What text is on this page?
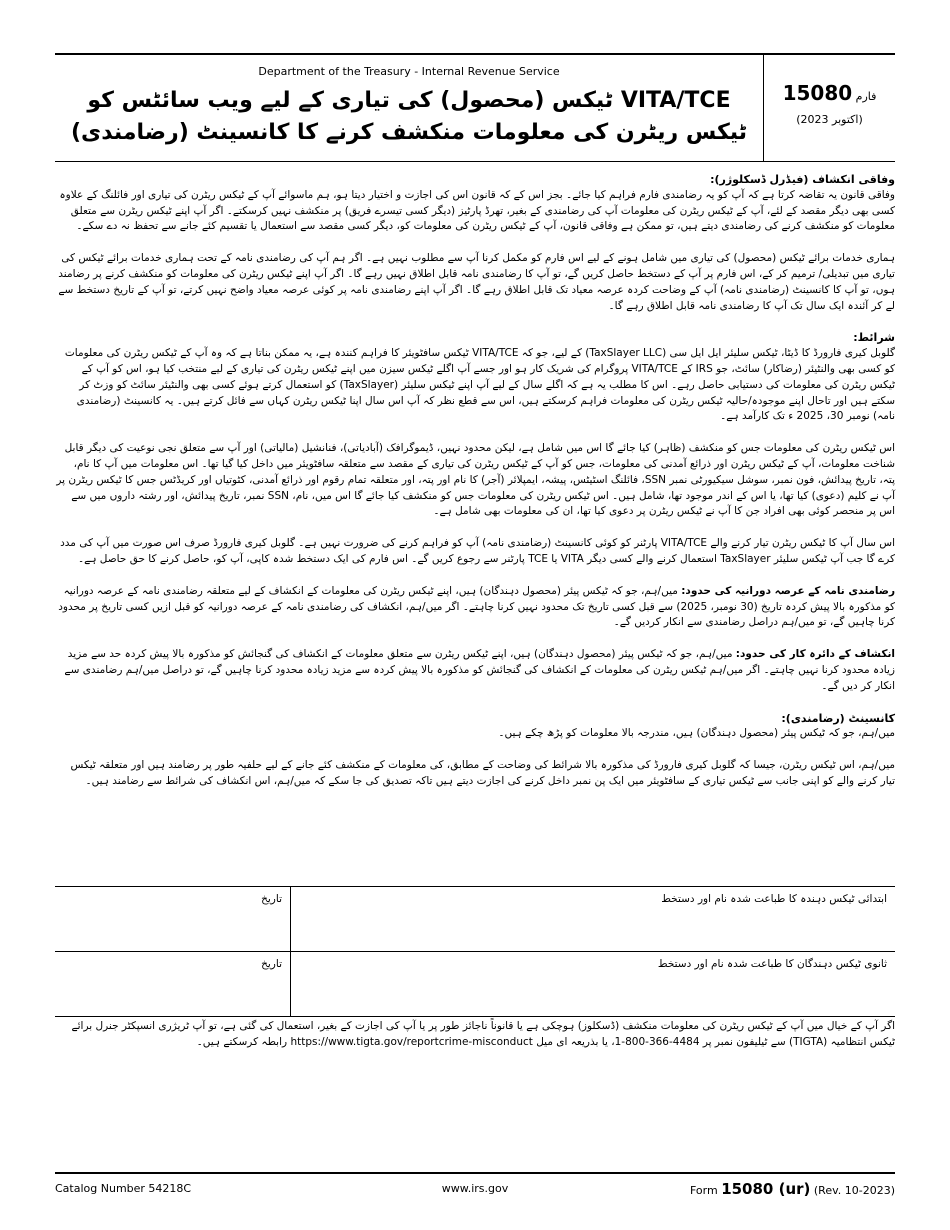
Department of the Treasury - Internal Revenue Service
VITA/TCE ٹیکس (محصول) کی تیاری کے لیے ویب سائٹس کو ٹیکس ریٹرن کی معلومات منکشف کرنے کا کانسینٹ (رضامندی)
15080 فارم
(اکتوبر 2023)
وفاقی انکشاف (فیڈرل ڈسکلوژر):

وفاقی قانون یہ تقاضہ کرتا ہے کہ آپ کو یہ رضامندی فارم فراہم کیا جائے۔ بجز اس کے کہ قانون اس کی اجازت و اختیار دیتا ہو، ہم ماسوائے آپ کے ٹیکس ریٹرن کی تیاری اور فائلنگ کے علاوہ کسی بھی دیگر مقصد کے لئے، آپ کے ٹیکس ریٹرن کی معلومات آپ کی رضامندی کے بغیر، تھرڈ پارٹیز (دیگر کسی تیسرے فریق) پر منکشف نہیں کرسکتے۔ اگر آپ اپنے ٹیکس ریٹرن سے متعلق معلومات کو منکشف کرنے کی رضامندی دیتے ہیں، تو ممکن ہے وفاقی قانون، آپ کے ٹیکس ریٹرن کی معلومات کو، دیگر کسی مقصد سے استعمال یا تقسیم کئے جانے سے تحفظ نہ دے سکے۔

ہماری خدمات برائے ٹیکس (محصول) کی تیاری میں شامل ہونے کے لیے اس فارم کو مکمل کرنا آپ سے مطلوب نہیں ہے۔ اگر ہم آپ کی رضامندی نامہ کے تحت ہماری خدمات برائے ٹیکس کی تیاری میں تبدیلی/ ترمیم کر کے، اس فارم پر آپ کے دستخط حاصل کریں گے، تو آپ کا رضامندی نامہ قابل اطلاق نہیں رہے گا۔ اگر آپ اپنے ٹیکس ریٹرن کی معلومات کو منکشف کرنے پر رضامند ہوں، تو آپ کا کانسینٹ (رضامندی نامہ) آپ کے وضاحت کردہ عرصہ معیاد تک قابل اطلاق رہے گا۔ اگر آپ اپنے رضامندی نامہ پر کوئی عرصہ معیاد واضح نہیں کرتے، تو آپ کے تاریخ دستخط سے لے کر آئندہ ایک سال تک آپ کا رضامندی نامہ قابل اطلاق رہے گا۔

شرائط:

گلوبل کیری فارورڈ کا ڈیٹا، ٹیکس سلیئر ایل ایل سی (TaxSlayer LLC) کے لیے، جو کہ VITA/TCE ٹیکس سافٹویئر کا فراہم کنندہ ہے، یہ ممکن بناتا ہے کہ وہ آپ کے ٹیکس ریٹرن کی معلومات کو کسی بھی والنٹیئر (رضاکار) سائٹ، جو IRS کے VITA/TCE پروگرام کی شریک کار ہو اور جسے آپ اگلے ٹیکس سیزن میں اپنے ٹیکس ریٹرن کی تیاری کے لیے منتخب کیا ہو، اس کو آپ کے ٹیکس ریٹرن کی معلومات کی دستیابی حاصل رہے۔ اس کا مطلب یہ ہے کہ اگلے سال کے لیے آپ اپنے ٹیکس سلیئر (TaxSlayer) کو استعمال کرتے ہوئے کسی بھی والنٹیئر سائٹ کو وزٹ کر سکتے ہیں اور تاحال اپنے موجودہ/حالیہ ٹیکس ریٹرن کی معلومات فراہم کرسکتے ہیں، اس سے قطع نظر کہ آپ اس سال اپنا ٹیکس ریٹرن کہاں سے فائل کرتے ہیں۔ یہ کانسینٹ (رضامندی نامہ) نومبر 30، 2025 ء تک کارآمد ہے۔

اس ٹیکس ریٹرن کی معلومات جس کو منکشف (ظاہر) کیا جائے گا اس میں شامل ہے، لیکن محدود نہیں، ڈیموگرافک (آبادیاتی)، فنانشیل (مالیاتی) اور آپ سے متعلق نجی نوعیت کی دیگر قابل شناخت معلومات، آپ کے ٹیکس ریٹرن اور ذرائع آمدنی کی معلومات، جس کو آپ کے ٹیکس ریٹرن کی تیاری کے مقصد سے متعلقہ سافٹویئر میں داخل کیا گیا تھا۔ اس معلومات میں آپ کا نام، پتہ، تاریخ پیدائش، فون نمبر، سوشل سیکیورٹی نمبر SSN، فائلنگ اسٹیٹس، پیشہ، ایمپلائر (آجر) کا نام اور پتہ، اور متعلقہ تمام رقوم اور ذرائع آمدنی، کٹوتیاں اور کریڈٹس جس کا ٹیکس ریٹرن پر آپ نے کلیم (دعوی) کیا تھا، یا اس کے اندر موجود تھا، شامل ہیں۔ اس ٹیکس ریٹرن کی معلومات جس کو منکشف کیا جائے گا اس میں، نام، SSN نمبر، تاریخ پیدائش، اور رشتہ داروں میں سے اس پر منحصر کوئی بھی افراد جن کا آپ نے ٹیکس ریٹرن پر دعوی کیا تھا، ان کی معلومات بھی شامل ہے۔

اس سال آپ کا ٹیکس ریٹرن تیار کرنے والے VITA/TCE پارٹنر کو کوئی کانسینٹ (رضامندی نامہ) آپ کو فراہم کرنے کی ضرورت نہیں ہے۔ گلوبل کیری فارورڈ صرف اس صورت میں آپ کی مدد کرے گا جب آپ ٹیکس سلیئر TaxSlayer استعمال کرنے والے کسی دیگر VITA یا TCE پارٹنر سے رجوع کریں گے۔ اس فارم کی ایک دستخط شدہ کاپی، آپ کو، حاصل کرنے کا حق حاصل ہے۔

رضامندی نامہ کے عرصہ دورانیہ کی حدود: میں/ہم، جو کہ ٹیکس پیئر (محصول دہندگان) ہیں، اپنے ٹیکس ریٹرن کی معلومات کے انکشاف کے لیے متعلقہ رضامندی نامہ کے عرصہ دورانیہ کو مذکورہ بالا پیش کردہ تاریخ (30 نومبر، 2025) سے قبل کسی تاریخ تک محدود نہیں کرنا چاہتے۔ اگر میں/ہم، انکشاف کی رضامندی نامہ کے عرصہ دورانیہ کو قبل ازیں کسی تاریخ پر محدود کرنا چاہیں گے، تو میں/ہم دراصل رضامندی سے انکار کردیں گے۔

انکشاف کے دائرہ کار کی حدود: میں/ہم، جو کہ ٹیکس پیئر (محصول دہندگان) ہیں، اپنے ٹیکس ریٹرن سے متعلق معلومات کے انکشاف کی گنجائش کو مذکورہ بالا پیش کردہ حد سے مزید زیادہ محدود کرنا نہیں چاہتے۔ اگر میں/ہم ٹیکس ریٹرن کی معلومات کے انکشاف کی گنجائش کو مذکورہ بالا پیش کردہ سے مزید زیادہ محدود کرنا چاہیں گے، تو دراصل میں/ہم رضامندی سے انکار کر دیں گے۔

کانسینٹ (رضامندی):

میں/ہم، جو کہ ٹیکس پیئر (محصول دہندگان) ہیں، مندرجہ بالا معلومات کو پڑھ چکے ہیں۔

میں/ہم، اس ٹیکس ریٹرن، جیسا کہ گلوبل کیری فارورڈ کی مذکورہ بالا شرائط کی وضاحت کے مطابق، کی معلومات کے منکشف کئے جانے کے لیے حلفیہ طور پر رضامند ہیں اور متعلقہ ٹیکس تیار کرنے والے کو اپنی جانب سے ٹیکس تیاری کے سافٹویئر میں ایک پن نمبر داخل کرنے کی اجازت دیتے ہیں تاکہ تصدیق کی جا سکے کہ میں/ہم، اس انکشاف کی شرائط سے رضامند ہیں۔

ابتدائی ٹیکس دہندہ کا طباعت شدہ نام اور دستخط
تاریخ
ثانوی ٹیکس دہندگان کا طباعت شدہ نام اور دستخط
تاریخ
اگر آپ کے خیال میں آپ کے ٹیکس ریٹرن کی معلومات منکشف (ڈسکلوز) ہوچکی ہے یا قانوناً ناجائز طور پر یا آپ کی اجازت کے بغیر، استعمال کی گئی ہے، تو آپ ٹریژری انسپکٹر جنرل برائے ٹیکس انتظامیہ (TIGTA) سے ٹیلیفون نمبر پر 4484-366-800-1، یا بذریعہ ای میل https://www.tigta.gov/reportcrime-misconduct رابطہ کرسکتے ہیں۔
Catalog Number 54218C	www.irs.gov	Form 15080 (ur) (Rev. 10-2023)
